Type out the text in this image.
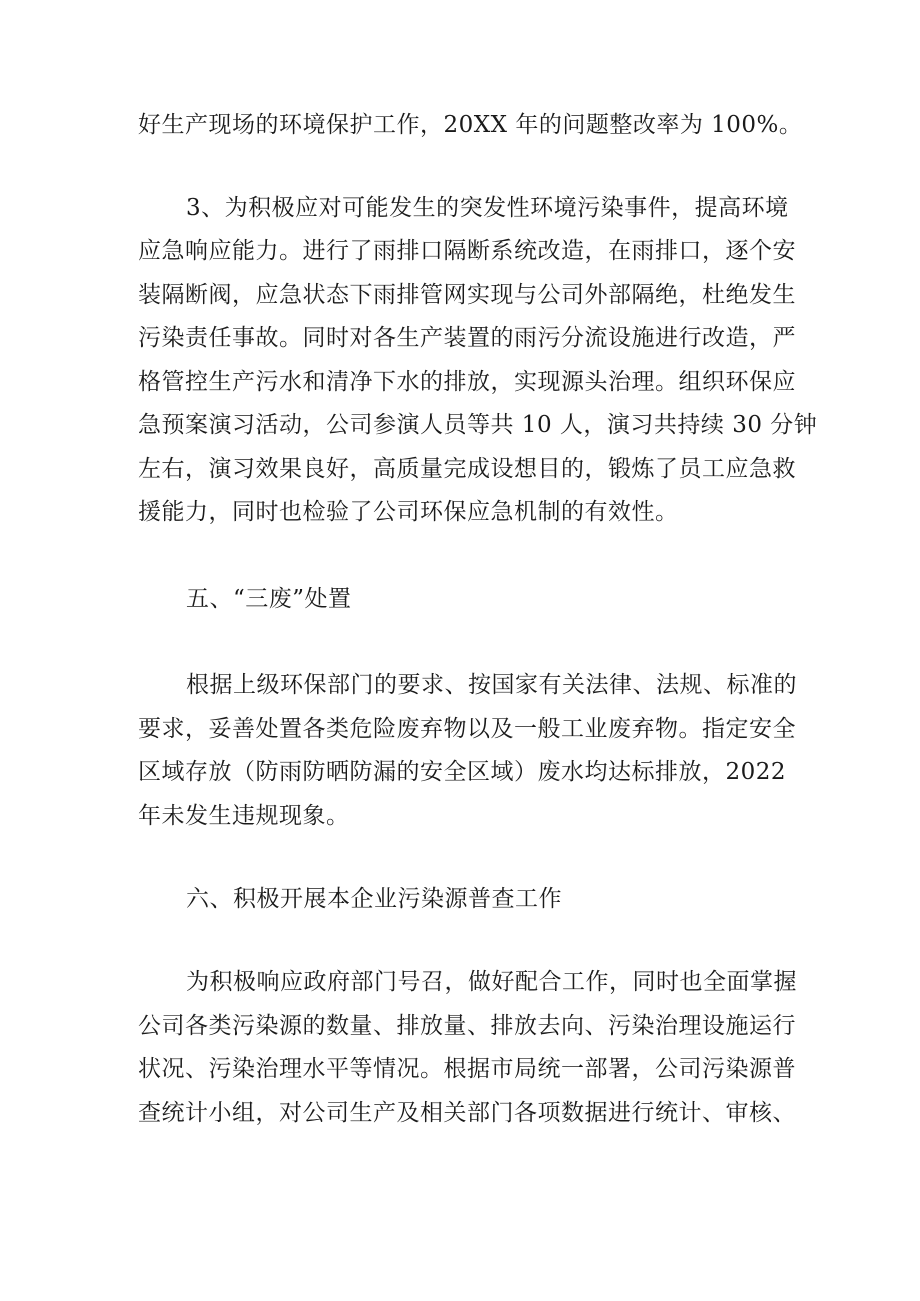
好生产现场的环境保护工作，20XX 年的问题整改率为 100%。
3、为积极应对可能发生的突发性环境污染事件，提高环境
应急响应能力。进行了雨排口隔断系统改造，在雨排口，逐个安
装隔断阀，应急状态下雨排管网实现与公司外部隔绝，杜绝发生
污染责任事故。同时对各生产装置的雨污分流设施进行改造，严
格管控生产污水和清净下水的排放，实现源头治理。组织环保应
急预案演习活动，公司参演人员等共 10 人，演习共持续 30 分钟
左右，演习效果良好，高质量完成设想目的，锻炼了员工应急救
援能力，同时也检验了公司环保应急机制的有效性。
五、“三废”处置
根据上级环保部门的要求、按国家有关法律、法规、标准的
要求，妥善处置各类危险废弃物以及一般工业废弃物。指定安全
区域存放（防雨防晒防漏的安全区域）废水均达标排放，2022
年未发生违规现象。
六、积极开展本企业污染源普查工作
为积极响应政府部门号召，做好配合工作，同时也全面掌握
公司各类污染源的数量、排放量、排放去向、污染治理设施运行
状况、污染治理水平等情况。根据市局统一部署，公司污染源普
查统计小组，对公司生产及相关部门各项数据进行统计、审核、
